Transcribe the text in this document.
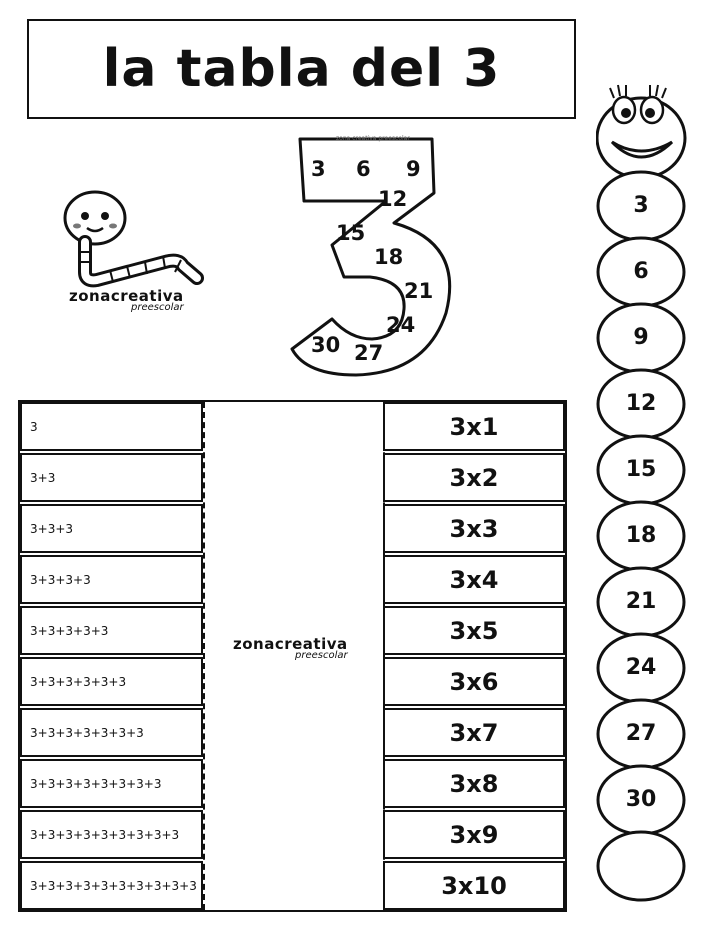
la tabla del 3
zonacreativa
preescolar
zona creativa preescolar
3 6 9
12
15
18
21
24
30 27
3
3+3
3+3+3
3+3+3+3
3+3+3+3+3
3+3+3+3+3+3
3+3+3+3+3+3+3
3+3+3+3+3+3+3+3
3+3+3+3+3+3+3+3+3
3+3+3+3+3+3+3+3+3+3
zonacreativa
preescolar
3x1
3x2
3x3
3x4
3x5
3x6
3x7
3x8
3x9
3x10
3
6
9
12
15
18
21
24
27
30
